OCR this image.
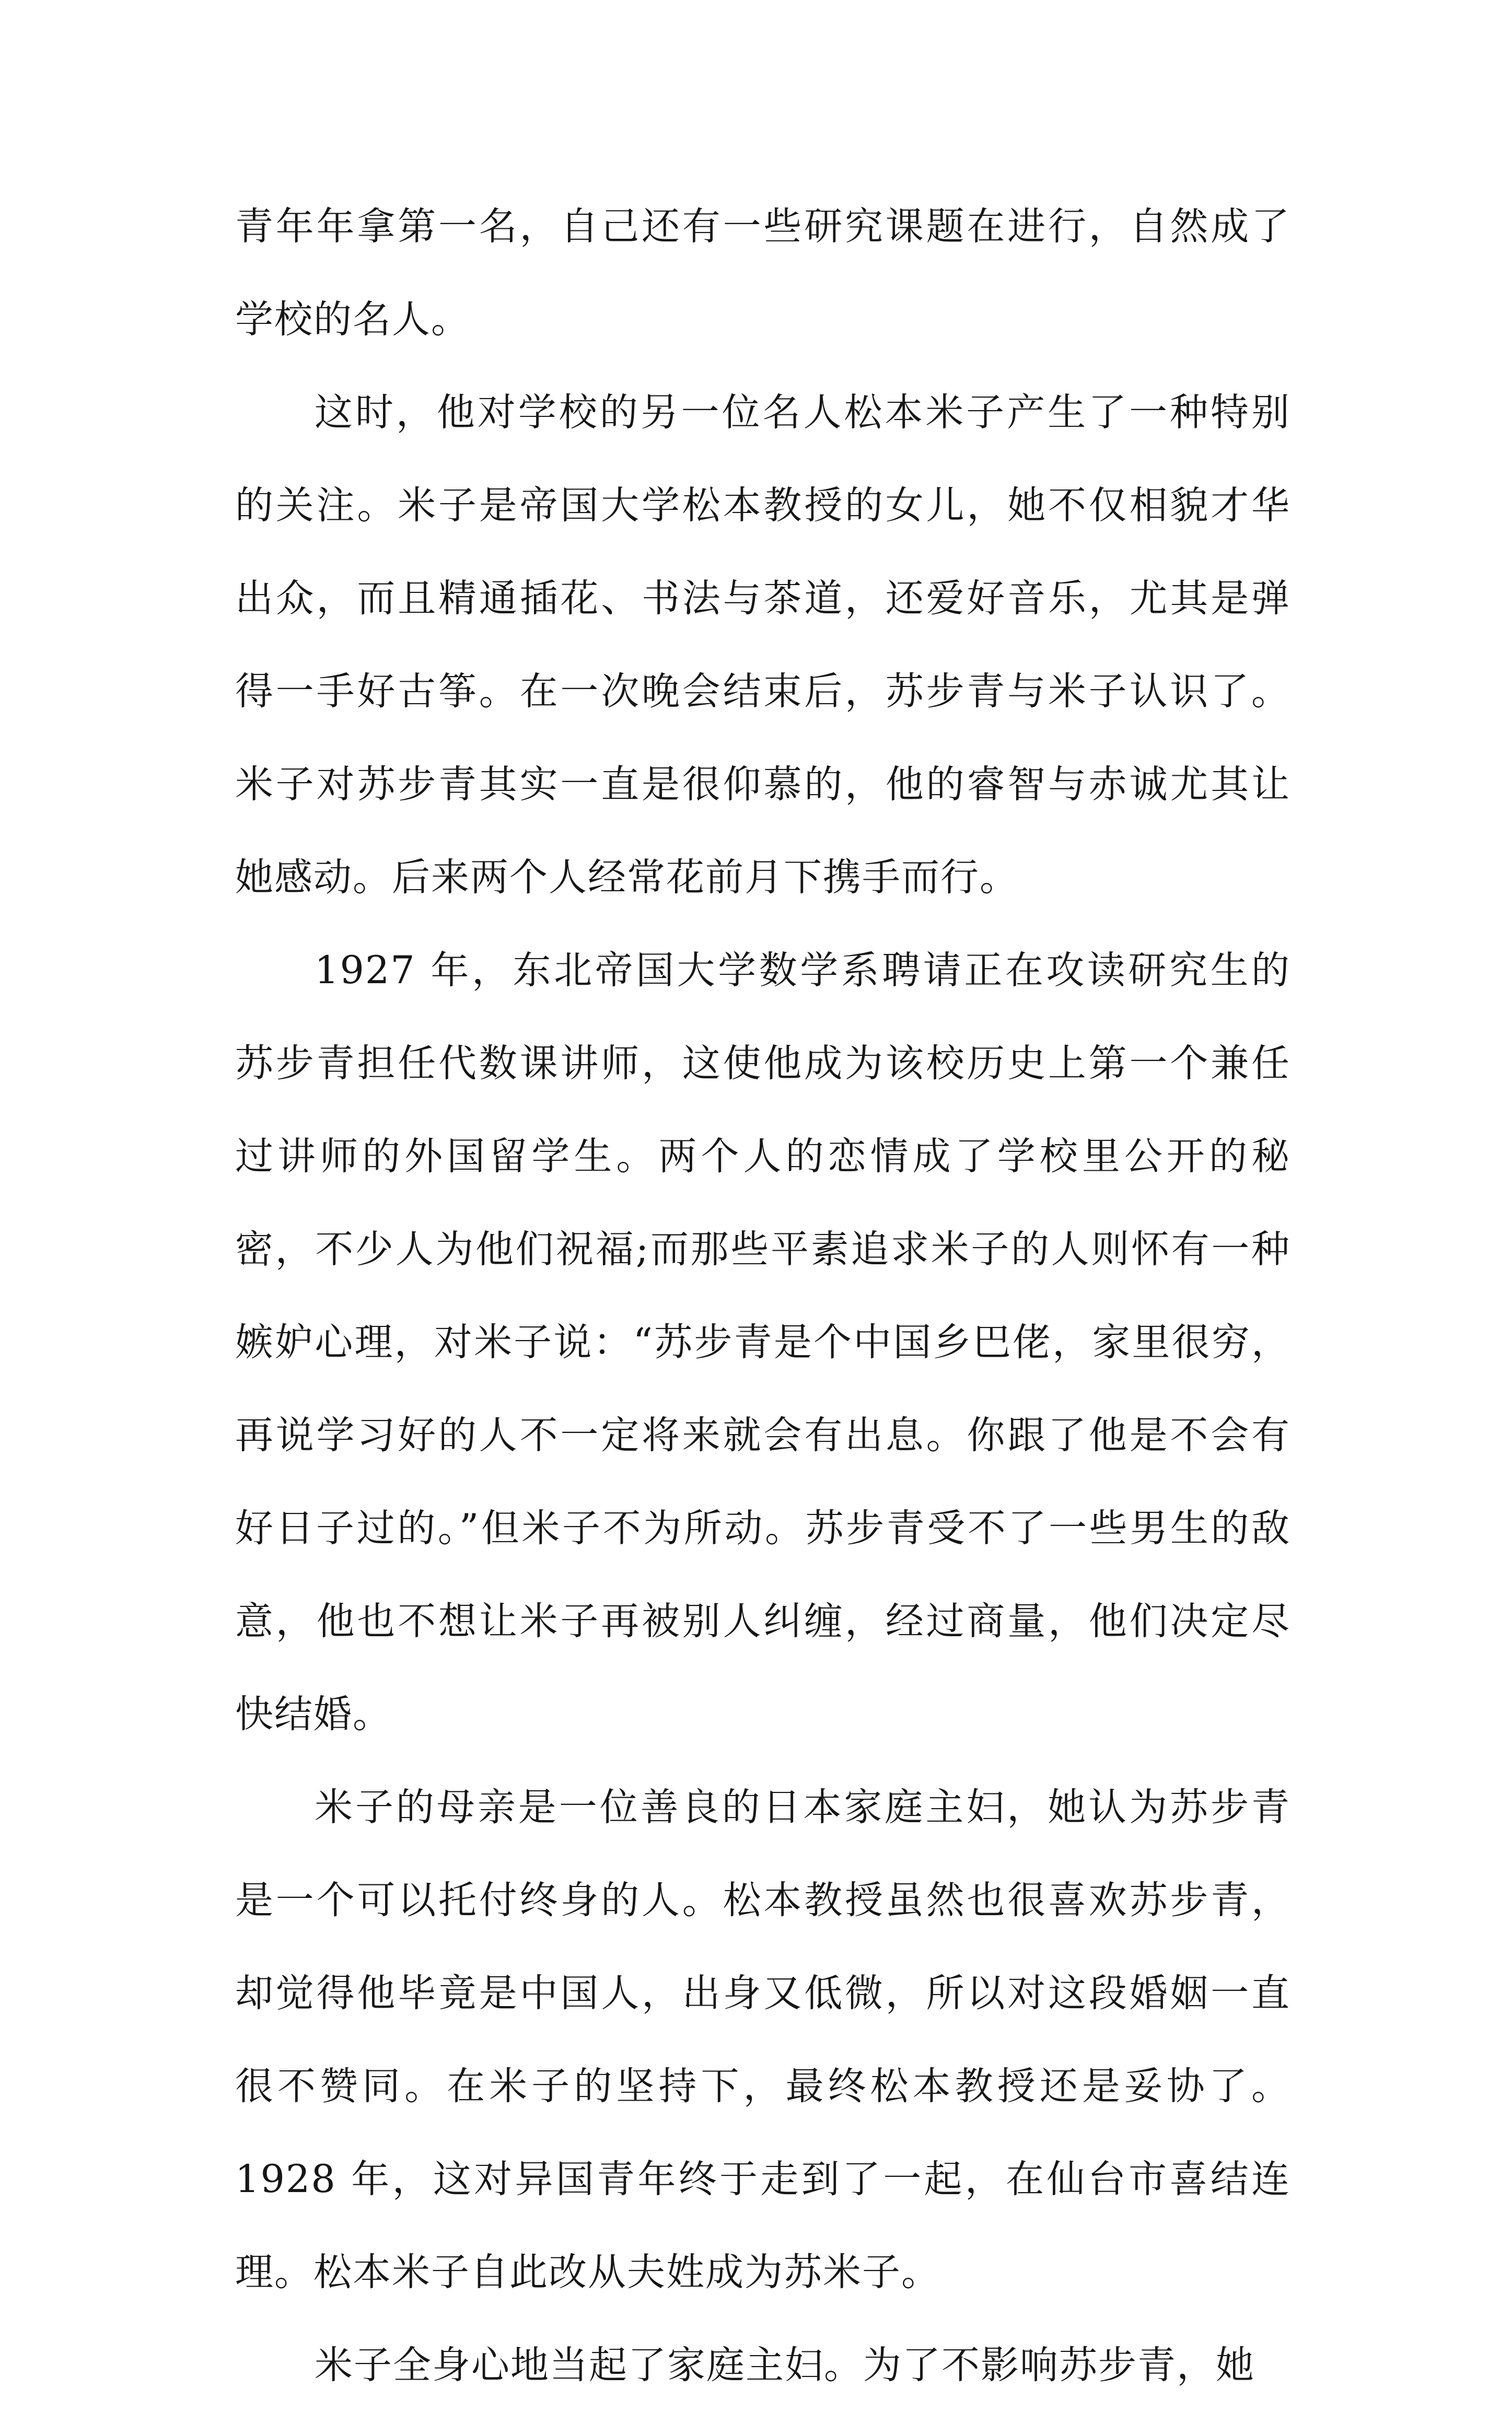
青年年拿第一名，自己还有一些研究课题在进行，自然成了学校的名人。

这时，他对学校的另一位名人松本米子产生了一种特别的关注。米子是帝国大学松本教授的女儿，她不仅相貌才华出众，而且精通插花、书法与茶道，还爱好音乐，尤其是弹得一手好古筝。在一次晚会结束后，苏步青与米子认识了。米子对苏步青其实一直是很仰慕的，他的睿智与赤诚尤其让她感动。后来两个人经常花前月下携手而行。

1927 年，东北帝国大学数学系聘请正在攻读研究生的苏步青担任代数课讲师，这使他成为该校历史上第一个兼任过讲师的外国留学生。两个人的恋情成了学校里公开的秘密，不少人为他们祝福;而那些平素追求米子的人则怀有一种嫉妒心理，对米子说：“苏步青是个中国乡巴佬，家里很穷，再说学习好的人不一定将来就会有出息。你跟了他是不会有好日子过的。”但米子不为所动。苏步青受不了一些男生的敌意，他也不想让米子再被别人纠缠，经过商量，他们决定尽快结婚。

米子的母亲是一位善良的日本家庭主妇，她认为苏步青是一个可以托付终身的人。松本教授虽然也很喜欢苏步青，却觉得他毕竟是中国人，出身又低微，所以对这段婚姻一直很不赞同。在米子的坚持下，最终松本教授还是妥协了。1928 年，这对异国青年终于走到了一起，在仙台市喜结连理。松本米子自此改从夫姓成为苏米子。

米子全身心地当起了家庭主妇。为了不影响苏步青，她
